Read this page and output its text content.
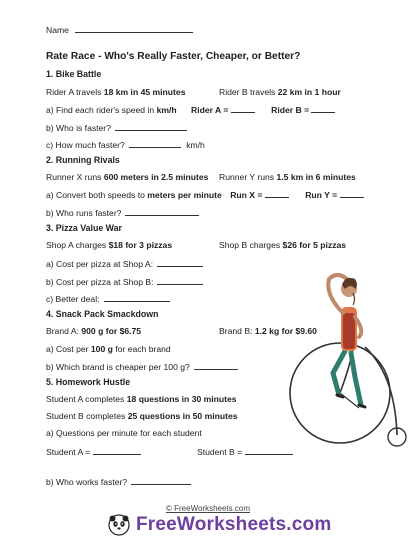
Name
Rate Race - Who's Really Faster, Cheaper, or Better?
1. Bike Battle
Rider A travels 18 km in 45 minutes	Rider B travels 22 km in 1 hour
a) Find each rider's speed in km/h Rider A =	Rider B =
b) Who is faster?
c) How much faster?	km/h
2. Running Rivals
Runner X runs 600 meters in 2.5 minutes Runner Y runs 1.5 km in 6 minutes
a) Convert both speeds to meters per minute Run X =	Run Y =
b) Who runs faster?
3. Pizza Value War
Shop A charges $18 for 3 pizzas	Shop B charges $26 for 5 pizzas
a) Cost per pizza at Shop A:
b) Cost per pizza at Shop B:
c) Better deal:
4. Snack Pack Smackdown
Brand A: 900 g for $6.75	Brand B: 1.2 kg for $9.60
a) Cost per 100 g for each brand
b) Which brand is cheaper per 100 g?
5. Homework Hustle
Student A completes 18 questions in 30 minutes
Student B completes 25 questions in 50 minutes
a) Questions per minute for each student
Student A =	Student B =
b) Who works faster?
© FreeWorksheets.com
FreeWorksheets.com
